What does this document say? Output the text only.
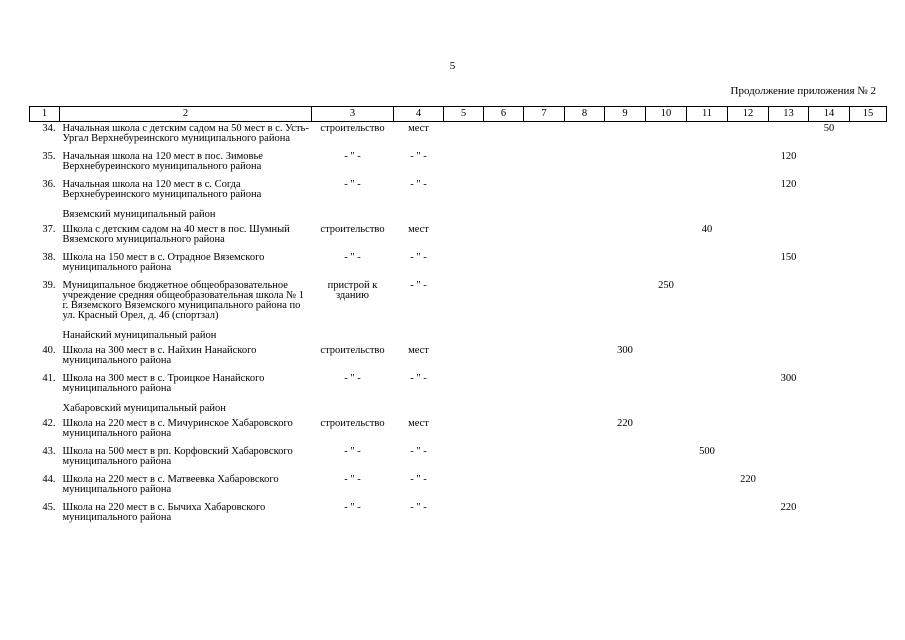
5
Продолжение приложения № 2
1	2	3	4	5	6	7	8	9	10	11	12	13	14	15
34.	Начальная школа с детским садом на 50 мест в с. Усть-Ургал Верхнебуреинского муниципального района	строительство	мест										50	
35.	Начальная школа на 120 мест в пос. Зимовье Верхнебуреинского муниципального района	- " -	- " -									120		
36.	Начальная школа на 120 мест в с. Согда Верхнебуреинского муниципального района	- " -	- " -									120		
	Вяземский муниципальный район													
37.	Школа с детским садом на 40 мест в пос. Шумный Вяземского муниципального района	строительство	мест							40				
38.	Школа на 150 мест в с. Отрадное Вяземского муниципального района	- " -	- " -									150		
39.	Муниципальное бюджетное общеобразовательное учреждение средняя общеобразовательная школа № 1 г. Вяземского Вяземского муниципального района по ул. Красный Орел, д. 46 (спортзал)	пристрой к зданию	- " -						250					
	Нанайский муниципальный район													
40.	Школа на 300 мест в с. Найхин Нанайского муниципального района	строительство	мест					300						
41.	Школа на 300 мест в с. Троицкое Нанайского муниципального района	- " -	- " -									300		
	Хабаровский муниципальный район													
42.	Школа на 220 мест в с. Мичуринское Хабаровского муниципального района	строительство	мест					220						
43.	Школа на 500 мест в рп. Корфовский Хабаровского муниципального района	- " -	- " -							500				
44.	Школа на 220 мест в с. Матвеевка Хабаровского муниципального района	- " -	- " -								220			
45.	Школа на 220 мест в с. Бычиха Хабаровского муниципального района	- " -	- " -									220		
